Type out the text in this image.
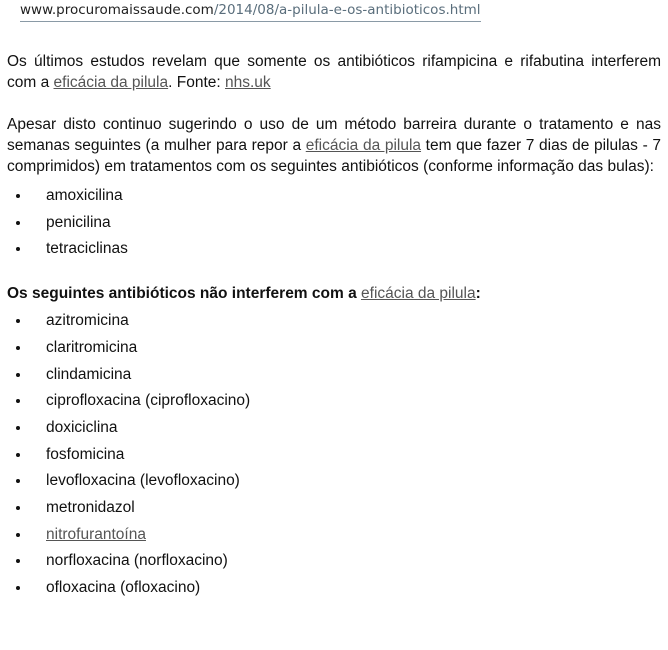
www.procuromaissaude.com/2014/08/a-pilula-e-os-antibioticos.html

Os últimos estudos revelam que somente os antibióticos rifampicina e rifabutina interferem com a eficácia da pilula. Fonte: nhs.uk

Apesar disto continuo sugerindo o uso de um método barreira durante o tratamento e nas semanas seguintes (a mulher para repor a eficácia da pilula tem que fazer 7 dias de pilulas - 7 comprimidos) em tratamentos com os seguintes antibióticos (conforme informação das bulas):

• amoxicilina
• penicilina
• tetraciclinas

Os seguintes antibióticos não interferem com a eficácia da pilula:

• azitromicina
• claritromicina
• clindamicina
• ciprofloxacina (ciprofloxacino)
• doxiciclina
• fosfomicina
• levofloxacina (levofloxacino)
• metronidazol
• nitrofurantoína
• norfloxacina (norfloxacino)
• ofloxacina (ofloxacino)
